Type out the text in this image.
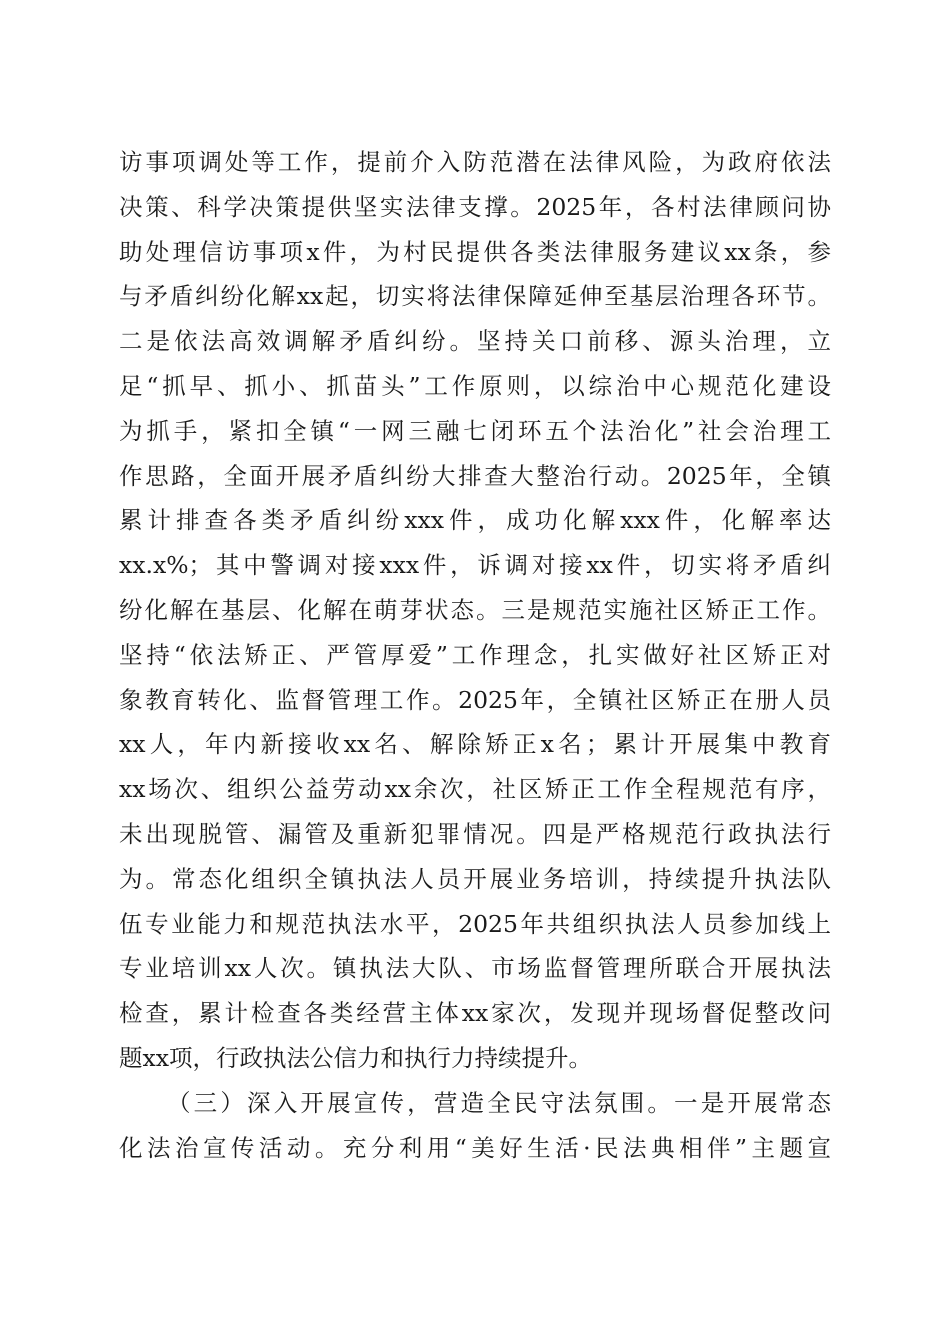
访事项调处等工作，提前介入防范潜在法律风险，为政府依法
决策、科学决策提供坚实法律支撑。2025年，各村法律顾问协
助处理信访事项x件，为村民提供各类法律服务建议xx条，参
与矛盾纠纷化解xx起，切实将法律保障延伸至基层治理各环节。
二是依法高效调解矛盾纠纷。坚持关口前移、源头治理，立
足“抓早、抓小、抓苗头”工作原则，以综治中心规范化建设
为抓手，紧扣全镇“一网三融七闭环五个法治化”社会治理工
作思路，全面开展矛盾纠纷大排查大整治行动。2025年，全镇
累计排查各类矛盾纠纷xxx件，成功化解xxx件，化解率达
xx.x%；其中警调对接xxx件，诉调对接xx件，切实将矛盾纠
纷化解在基层、化解在萌芽状态。三是规范实施社区矫正工作。
坚持“依法矫正、严管厚爱”工作理念，扎实做好社区矫正对
象教育转化、监督管理工作。2025年，全镇社区矫正在册人员
xx人，年内新接收xx名、解除矫正x名；累计开展集中教育
xx场次、组织公益劳动xx余次，社区矫正工作全程规范有序，
未出现脱管、漏管及重新犯罪情况。四是严格规范行政执法行
为。常态化组织全镇执法人员开展业务培训，持续提升执法队
伍专业能力和规范执法水平，2025年共组织执法人员参加线上
专业培训xx人次。镇执法大队、市场监督管理所联合开展执法
检查，累计检查各类经营主体xx家次，发现并现场督促整改问
题xx项，行政执法公信力和执行力持续提升。
（三）深入开展宣传，营造全民守法氛围。一是开展常态
化法治宣传活动。充分利用“美好生活·民法典相伴”主题宣
